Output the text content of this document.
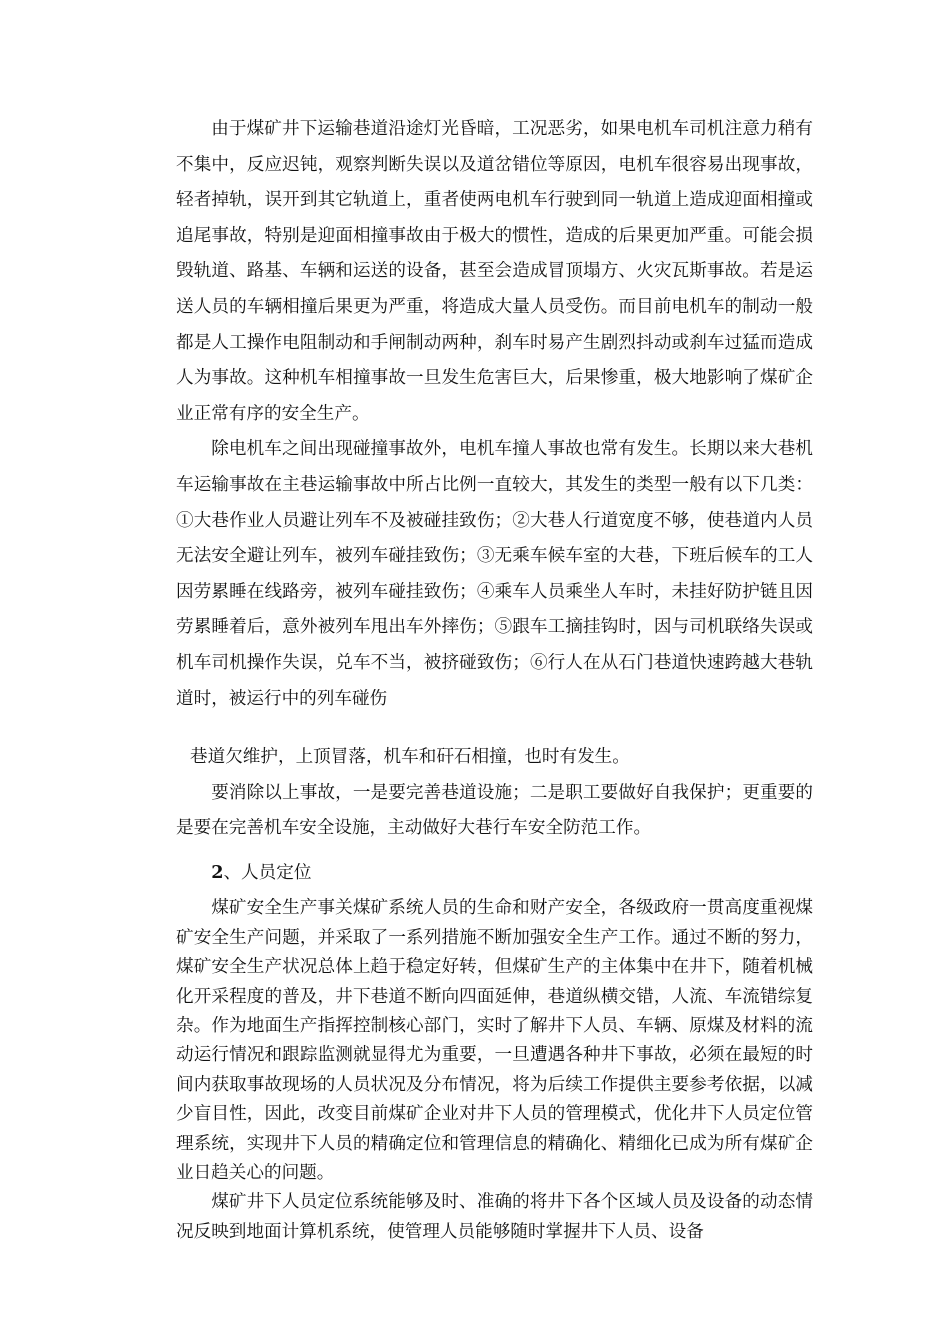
由于煤矿井下运输巷道沿途灯光昏暗，工况恶劣，如果电机车司机注意力稍有不集中，反应迟钝，观察判断失误以及道岔错位等原因，电机车很容易出现事故，轻者掉轨，误开到其它轨道上，重者使两电机车行驶到同一轨道上造成迎面相撞或追尾事故，特别是迎面相撞事故由于极大的惯性，造成的后果更加严重。可能会损毁轨道、路基、车辆和运送的设备，甚至会造成冒顶塌方、火灾瓦斯事故。若是运送人员的车辆相撞后果更为严重，将造成大量人员受伤。而目前电机车的制动一般都是人工操作电阻制动和手闸制动两种，刹车时易产生剧烈抖动或刹车过猛而造成人为事故。这种机车相撞事故一旦发生危害巨大，后果惨重，极大地影响了煤矿企业正常有序的安全生产。

除电机车之间出现碰撞事故外，电机车撞人事故也常有发生。长期以来大巷机车运输事故在主巷运输事故中所占比例一直较大，其发生的类型一般有以下几类：①大巷作业人员避让列车不及被碰挂致伤；②大巷人行道宽度不够，使巷道内人员无法安全避让列车，被列车碰挂致伤；③无乘车候车室的大巷，下班后候车的工人因劳累睡在线路旁，被列车碰挂致伤；④乘车人员乘坐人车时，未挂好防护链且因劳累睡着后，意外被列车甩出车外摔伤；⑤跟车工摘挂钩时，因与司机联络失误或机车司机操作失误，兑车不当，被挤碰致伤；⑥行人在从石门巷道快速跨越大巷轨道时，被运行中的列车碰伤

巷道欠维护，上顶冒落，机车和矸石相撞，也时有发生。

要消除以上事故，一是要完善巷道设施；二是职工要做好自我保护；更重要的是要在完善机车安全设施，主动做好大巷行车安全防范工作。

2、人员定位

煤矿安全生产事关煤矿系统人员的生命和财产安全，各级政府一贯高度重视煤矿安全生产问题，并采取了一系列措施不断加强安全生产工作。通过不断的努力，煤矿安全生产状况总体上趋于稳定好转，但煤矿生产的主体集中在井下，随着机械化开采程度的普及，井下巷道不断向四面延伸，巷道纵横交错，人流、车流错综复杂。作为地面生产指挥控制核心部门，实时了解井下人员、车辆、原煤及材料的流动运行情况和跟踪监测就显得尤为重要，一旦遭遇各种井下事故，必须在最短的时间内获取事故现场的人员状况及分布情况，将为后续工作提供主要参考依据，以减少盲目性，因此，改变目前煤矿企业对井下人员的管理模式，优化井下人员定位管理系统，实现井下人员的精确定位和管理信息的精确化、精细化已成为所有煤矿企业日趋关心的问题。

煤矿井下人员定位系统能够及时、准确的将井下各个区域人员及设备的动态情况反映到地面计算机系统，使管理人员能够随时掌握井下人员、设备
